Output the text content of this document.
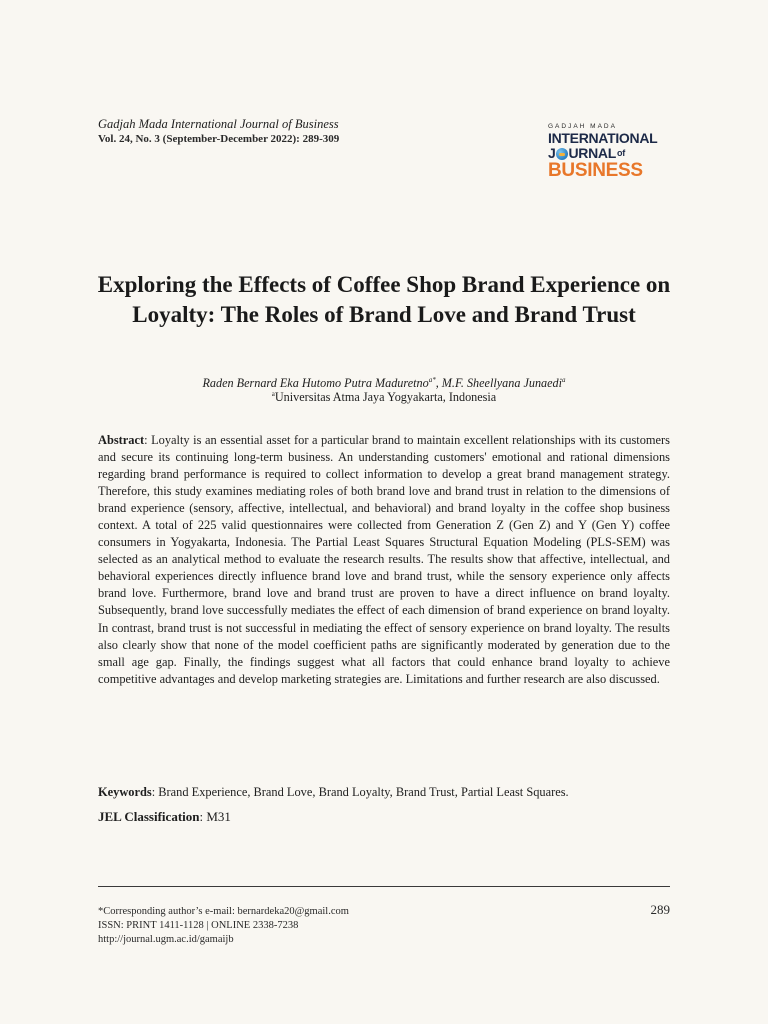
Gadjah Mada International Journal of Business
Vol. 24, No. 3 (September-December 2022): 289-309
GADJAH MADA
INTERNATIONAL
J URNAL of
BUSINESS
Exploring the Effects of Coffee Shop Brand Experience on Loyalty: The Roles of Brand Love and Brand Trust
Raden Bernard Eka Hutomo Putra Maduretno$^{a*}$, M.F. Sheellyana Junaedi$^a$
$^a$Universitas Atma Jaya Yogyakarta, Indonesia

Abstract: Loyalty is an essential asset for a particular brand to maintain excellent relationships with its customers and secure its continuing long-term business. An understanding customers' emotional and rational dimensions regarding brand performance is required to collect information to develop a great brand management strategy. Therefore, this study examines mediating roles of both brand love and brand trust in relation to the dimensions of brand experience (sensory, affective, intellectual, and behavioral) and brand loyalty in the coffee shop business context. A total of 225 valid questionnaires were collected from Generation Z (Gen Z) and Y (Gen Y) coffee consumers in Yogyakarta, Indonesia. The Partial Least Squares Structural Equation Modeling (PLS-SEM) was selected as an analytical method to evaluate the research results. The results show that affective, intellectual, and behavioral experiences directly influence brand love and brand trust, while the sensory experience only affects brand love. Furthermore, brand love and brand trust are proven to have a direct influence on brand loyalty. Subsequently, brand love successfully mediates the effect of each dimension of brand experience on brand loyalty. In contrast, brand trust is not successful in mediating the effect of sensory experience on brand loyalty. The results also clearly show that none of the model coefficient paths are significantly moderated by generation due to the small age gap. Finally, the findings suggest what all factors that could enhance brand loyalty to achieve competitive advantages and develop marketing strategies are. Limitations and further research are also discussed.

Keywords: Brand Experience, Brand Love, Brand Loyalty, Brand Trust, Partial Least Squares.
JEL Classification: M31
*Corresponding author’s e-mail: bernardeka20@gmail.com
ISSN: PRINT 1411-1128 | ONLINE 2338-7238
http://journal.ugm.ac.id/gamaijb
289
